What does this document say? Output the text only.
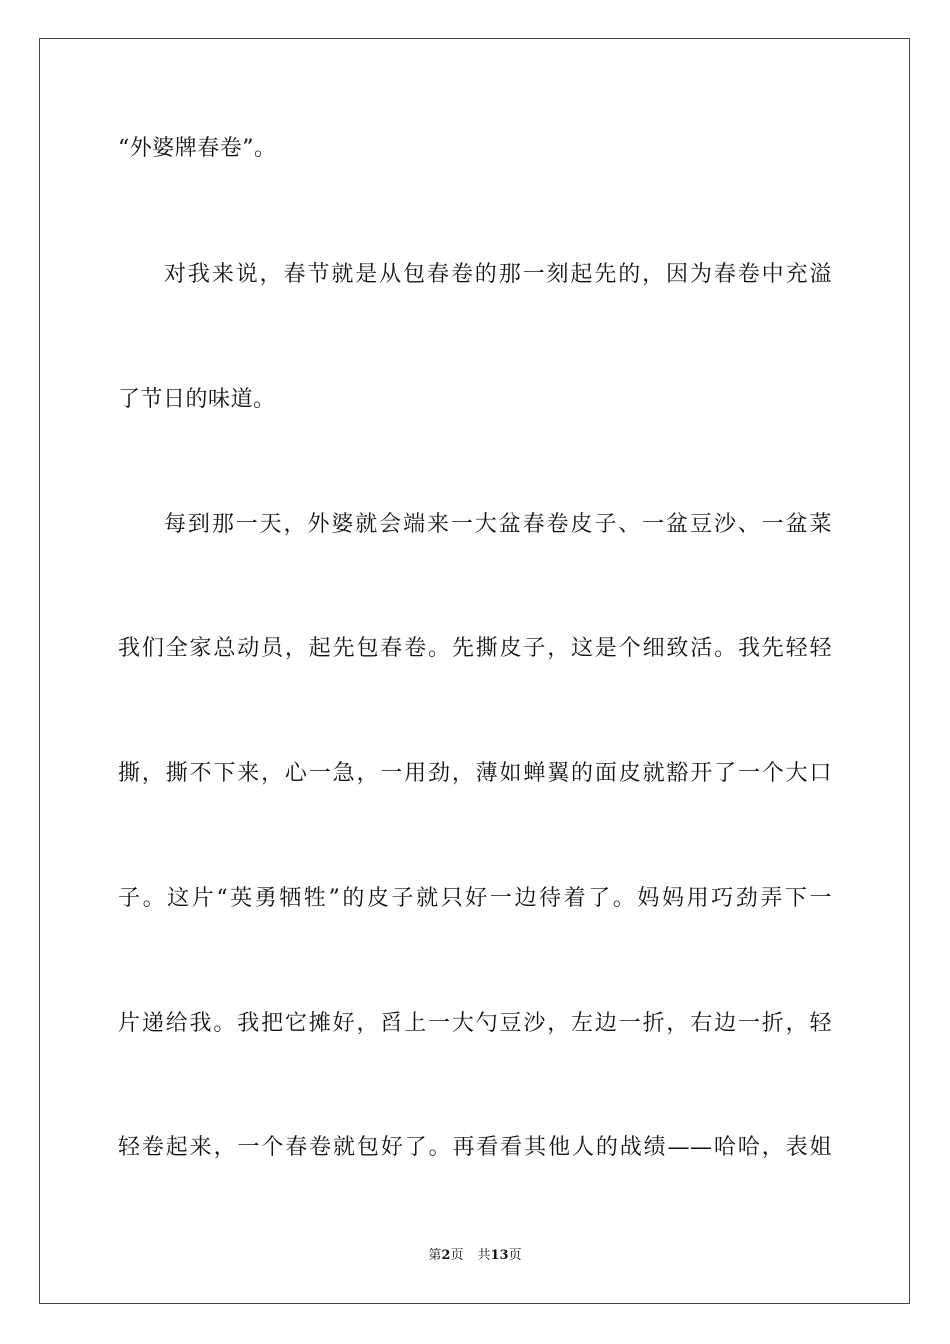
“外婆牌春卷”。
对我来说，春节就是从包春卷的那一刻起先的，因为春卷中充溢
了节日的味道。
每到那一天，外婆就会端来一大盆春卷皮子、一盆豆沙、一盆菜
我们全家总动员，起先包春卷。先撕皮子，这是个细致活。我先轻轻
撕，撕不下来，心一急，一用劲，薄如蝉翼的面皮就豁开了一个大口
子。这片“英勇牺牲”的皮子就只好一边待着了。妈妈用巧劲弄下一
片递给我。我把它摊好，舀上一大勺豆沙，左边一折，右边一折，轻
轻卷起来，一个春卷就包好了。再看看其他人的战绩——哈哈，表姐
第2页 共13页
